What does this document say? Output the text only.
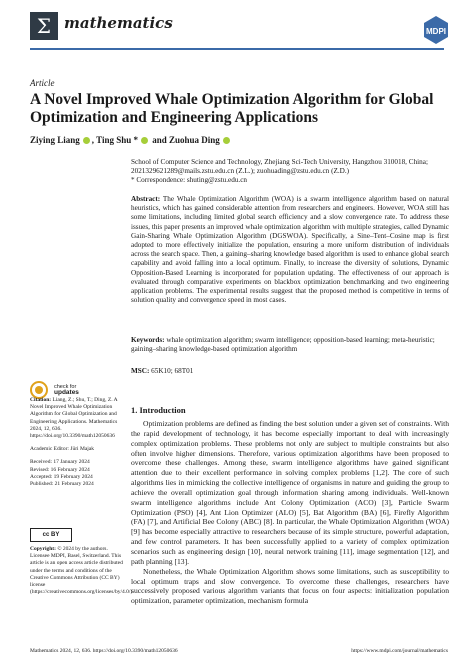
Σ mathematics	MDPI
Article
A Novel Improved Whale Optimization Algorithm for Global Optimization and Engineering Applications
Ziying Liang , Ting Shu * and Zuohua Ding
School of Computer Science and Technology, Zhejiang Sci-Tech University, Hangzhou 310018, China;
2021329621289@mails.zstu.edu.cn (Z.L.); zuohuading@zstu.edu.cn (Z.D.)
* Correspondence: shuting@zstu.edu.cn
Abstract: The Whale Optimization Algorithm (WOA) is a swarm intelligence algorithm based on natural heuristics, which has gained considerable attention from researchers and engineers. However, WOA still has some limitations, including limited global search efficiency and a slow convergence rate. To address these issues, this paper presents an improved whale optimization algorithm with multiple strategies, called Dynamic Gain-Sharing Whale Optimization Algorithm (DGSWOA). Specifically, a Sine–Tent–Cosine map is first adopted to more effectively initialize the population, ensuring a more uniform distribution of individuals across the search space. Then, a gaining–sharing knowledge based algorithm is used to enhance global search capability and avoid falling into a local optimum. Finally, to increase the diversity of solutions, Dynamic Opposition-Based Learning is incorporated for population updating. The effectiveness of our approach is evaluated through comparative experiments on blackbox optimization benchmarking and two engineering application problems. The experimental results suggest that the proposed method is competitive in terms of solution quality and convergence speed in most cases.
Keywords: whale optimization algorithm; swarm intelligence; opposition-based learning; meta-heuristic; gaining–sharing knowledge-based optimization algorithm
MSC: 65K10; 68T01
check for
updates

Citation: Liang, Z.; Shu, T.; Ding, Z. A Novel Improved Whale Optimization Algorithm for Global Optimization and Engineering Applications. Mathematics 2024, 12, 636. https://doi.org/10.3390/math12050636

Academic Editor: Jüri Majak

Received: 17 January 2024

Revised: 16 February 2024

Accepted: 19 February 2024

Published: 21 February 2024

cc BY
Copyright: © 2024 by the authors. Licensee MDPI, Basel, Switzerland. This article is an open access article distributed under the terms and conditions of the Creative Commons Attribution (CC BY) license (https://creativecommons.org/licenses/by/4.0/).
1. Introduction

Optimization problems are defined as finding the best solution under a given set of constraints. With the rapid development of technology, it has become especially important to deal with increasingly complex optimization problems. These problems not only are subject to multiple constraints but also often involve higher dimensions. Therefore, various optimization algorithms have been proposed to overcome these challenges. Among these, swarm intelligence algorithms have gained significant attention due to their excellent performance in solving complex problems [1,2]. The core of such algorithms lies in mimicking the collective intelligence of organisms in nature and guiding the group to achieve the overall optimization goal through information sharing among individuals. Well-known swarm intelligence algorithms include Ant Colony Optimization (ACO) [3], Particle Swarm Optimization (PSO) [4], Ant Lion Optimizer (ALO) [5], Bat Algorithm (BA) [6], Firefly Algorithm (FA) [7], and Artificial Bee Colony (ABC) [8]. In particular, the Whale Optimization Algorithm (WOA) [9] has become especially attractive to researchers because of its simple structure, powerful adaptation, and few control parameters. It has been successfully applied to a variety of complex optimization scenarios such as engineering design [10], neural network training [11], image segmentation [12], and path planning [13].

Nonetheless, the Whale Optimization Algorithm shows some limitations, such as susceptibility to local optimum traps and slow convergence. To overcome these challenges, researchers have successively proposed various algorithm variants that focus on four aspects: initialization population optimization, parameter optimization, mechanism formula

Mathematics 2024, 12, 636. https://doi.org/10.3390/math12050636	https://www.mdpi.com/journal/mathematics
